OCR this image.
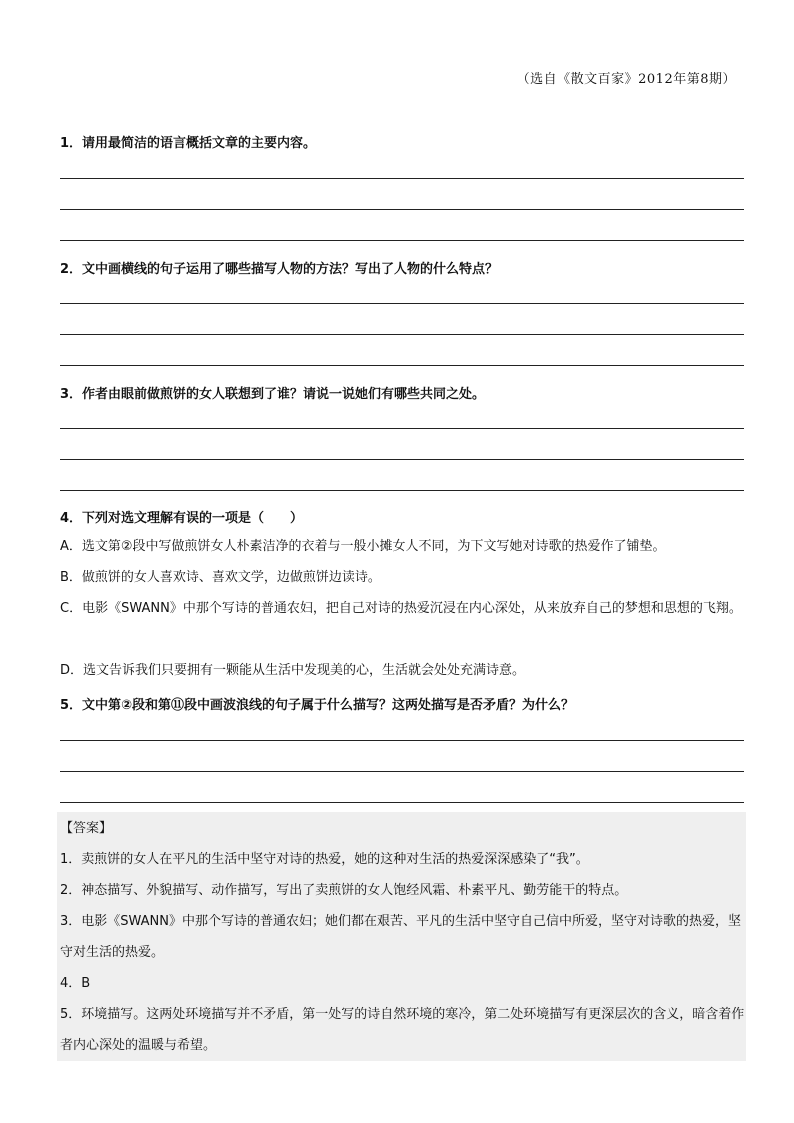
（选自《散文百家》2012年第8期）
1．请用最简洁的语言概括文章的主要内容。
2．文中画横线的句子运用了哪些描写人物的方法？写出了人物的什么特点？
3．作者由眼前做煎饼的女人联想到了谁？请说一说她们有哪些共同之处。
4．下列对选文理解有误的一项是（　　）
A．选文第②段中写做煎饼女人朴素洁净的衣着与一般小摊女人不同，为下文写她对诗歌的热爱作了铺垫。
B．做煎饼的女人喜欢诗、喜欢文学，边做煎饼边读诗。
C．电影《SWANN》中那个写诗的普通农妇，把自己对诗的热爱沉浸在内心深处，从来放弃自己的梦想和思想的飞翔。
D．选文告诉我们只要拥有一颗能从生活中发现美的心，生活就会处处充满诗意。
5．文中第②段和第⑪段中画波浪线的句子属于什么描写？这两处描写是否矛盾？为什么？
【答案】
1．卖煎饼的女人在平凡的生活中坚守对诗的热爱，她的这种对生活的热爱深深感染了“我”。
2．神态描写、外貌描写、动作描写，写出了卖煎饼的女人饱经风霜、朴素平凡、勤劳能干的特点。
3．电影《SWANN》中那个写诗的普通农妇；她们都在艰苦、平凡的生活中坚守自己信中所爱，坚守对诗歌的热爱，坚守对生活的热爱。
4．B
5．环境描写。这两处环境描写并不矛盾，第一处写的诗自然环境的寒冷，第二处环境描写有更深层次的含义，暗含着作者内心深处的温暖与希望。
